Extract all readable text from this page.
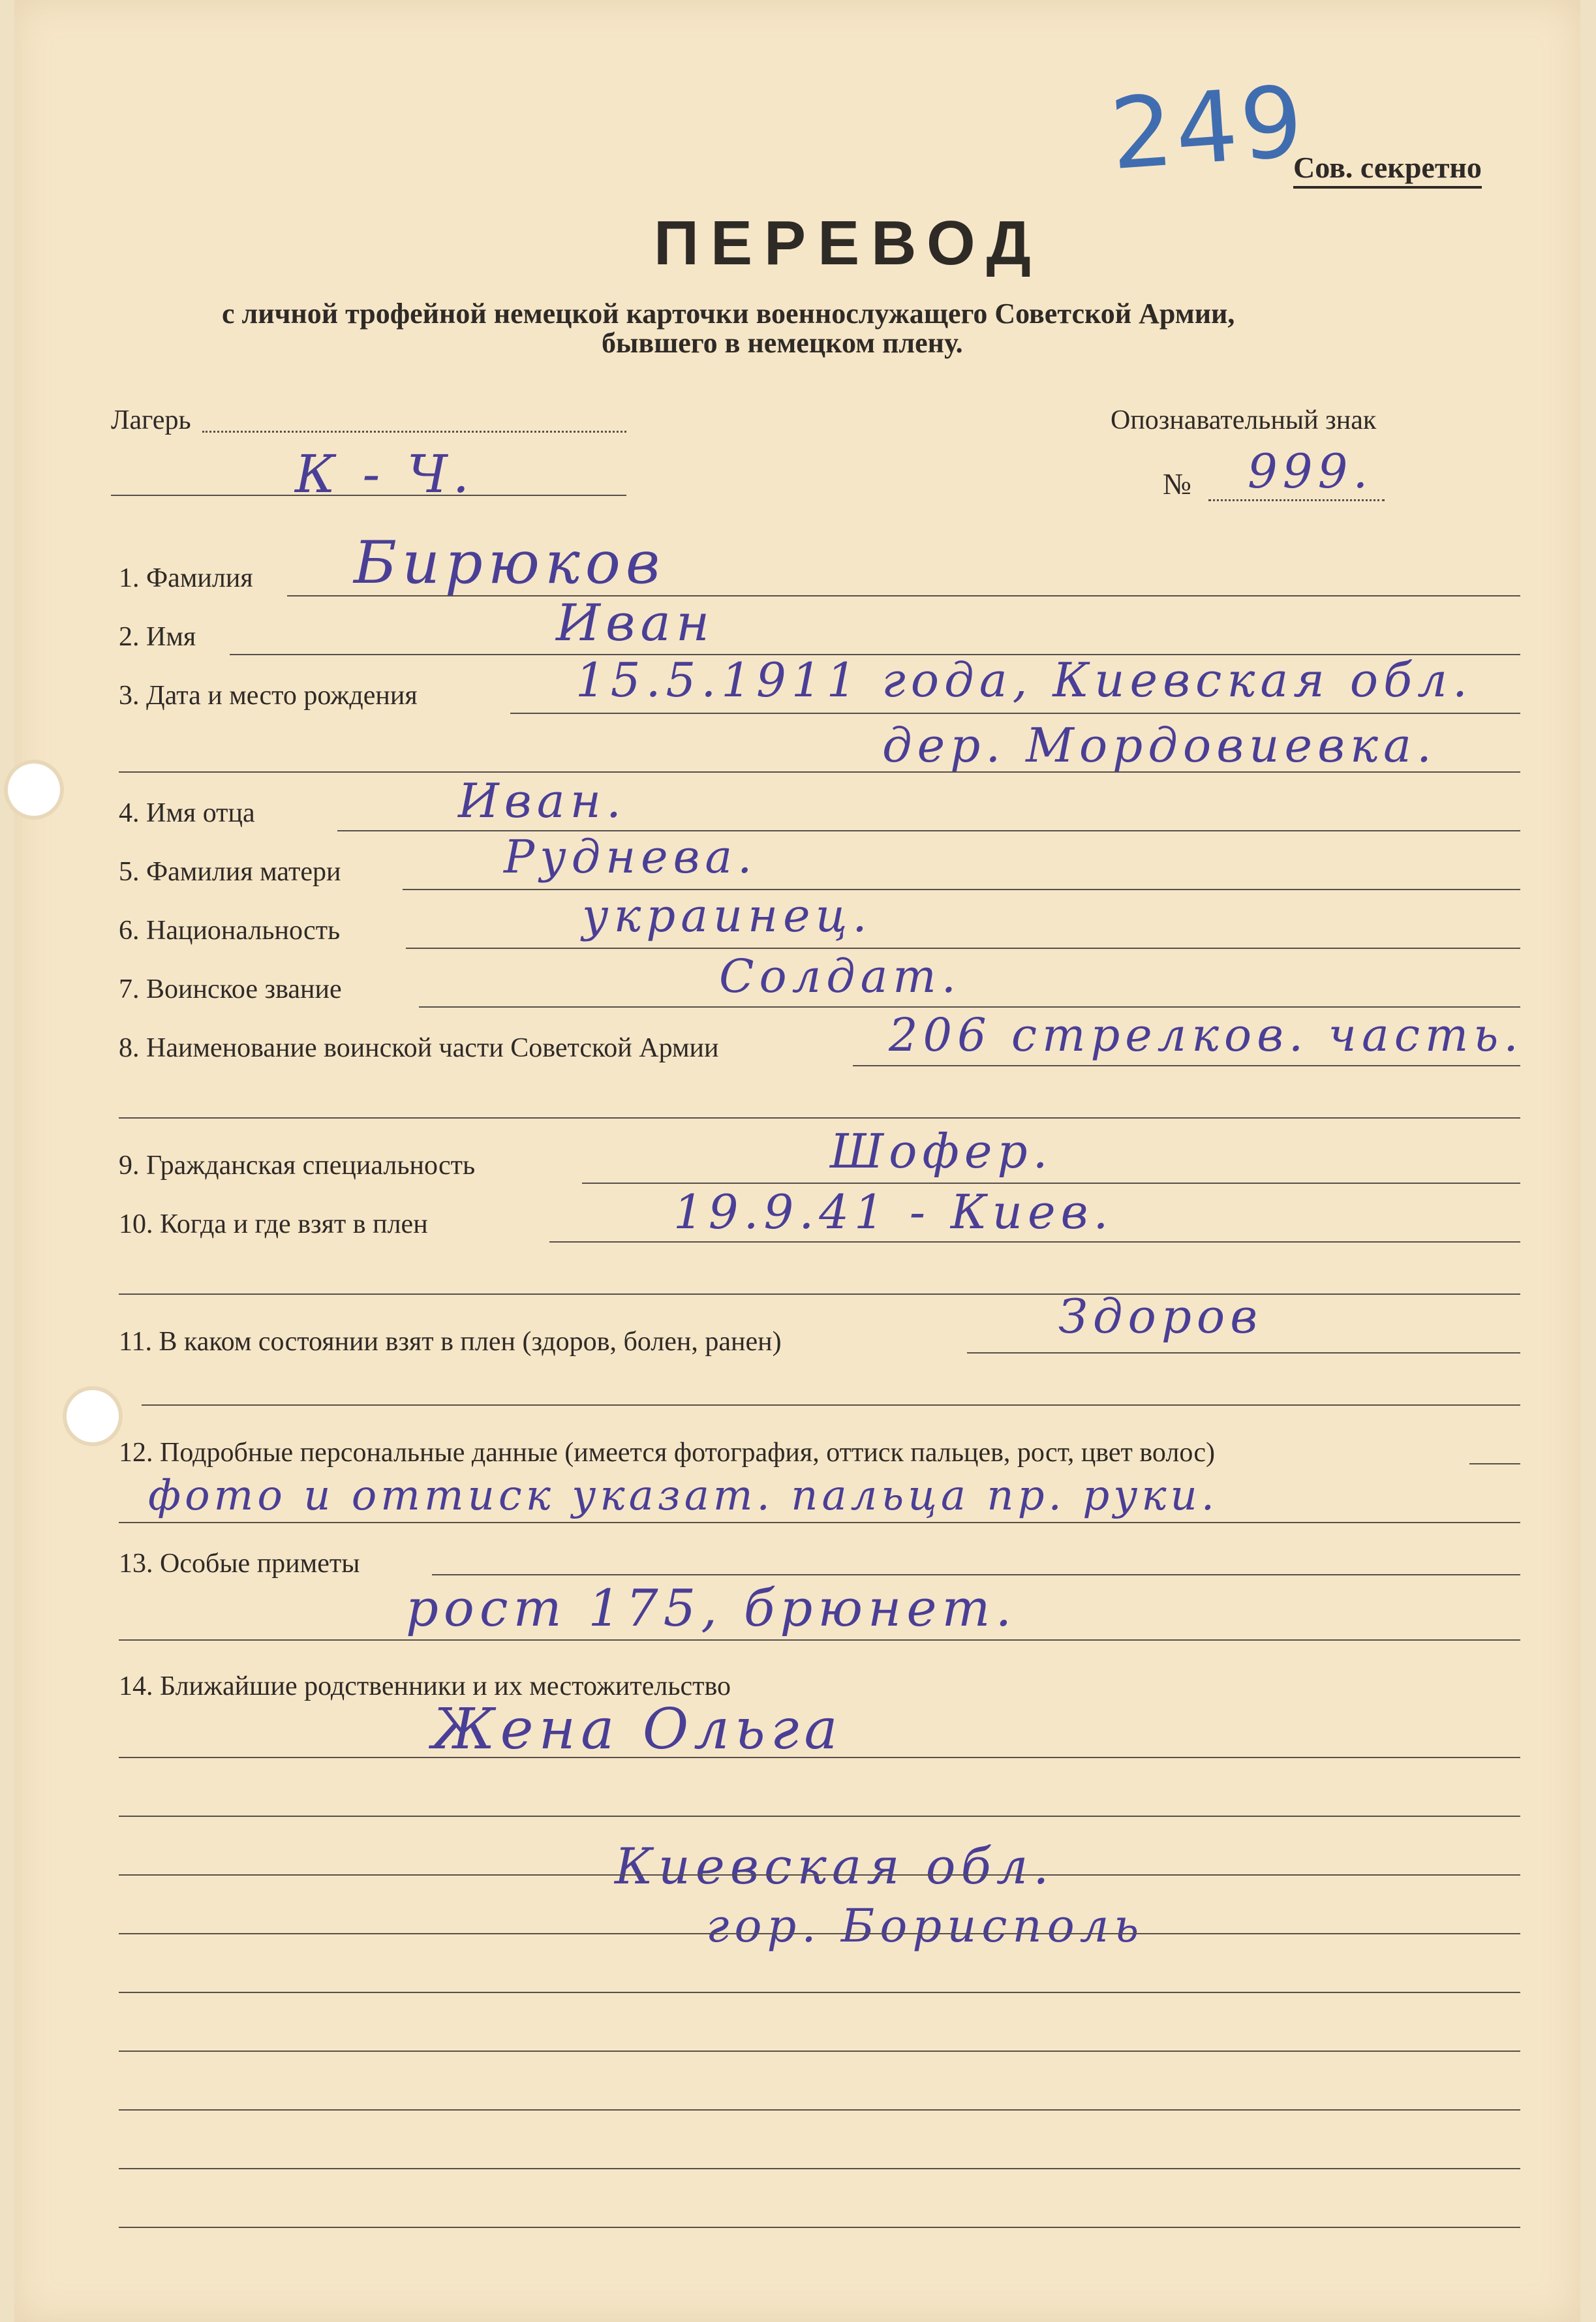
249
Сов. секретно
ПЕРЕВОД
с личной трофейной немецкой карточки военнослужащего Советской Армии,
бывшего в немецком плену.
Лагерь
К - Ч.
Опознавательный знак
№ 999.
1. Фамилия Бирюков
2. Имя	Иван
3. Дата и место рождения	15.5.1911 года, Киевская обл.
дер. Мордовиевка.
4. Имя отца	Иван.
5. Фамилия матери	Руднева.
6. Национальность	украинец.
7. Воинское звание	Солдат.
8. Наименование воинской части Советской Армии	206 стрелков. часть.
9. Гражданская специальность	Шофер.
10. Когда и где взят в плен	19.9.41 - Киев.
11. В каком состоянии взят в плен (здоров, болен, ранен)	Здоров
12. Подробные персональные данные (имеется фотография, оттиск пальцев, рост, цвет волос)
фото и оттиск указат. пальца пр. руки.
13. Особые приметы
рост 175, брюнет.
14. Ближайшие родственники и их местожительство
Жена Ольга
Киевская обл.
гор. Борисполь
